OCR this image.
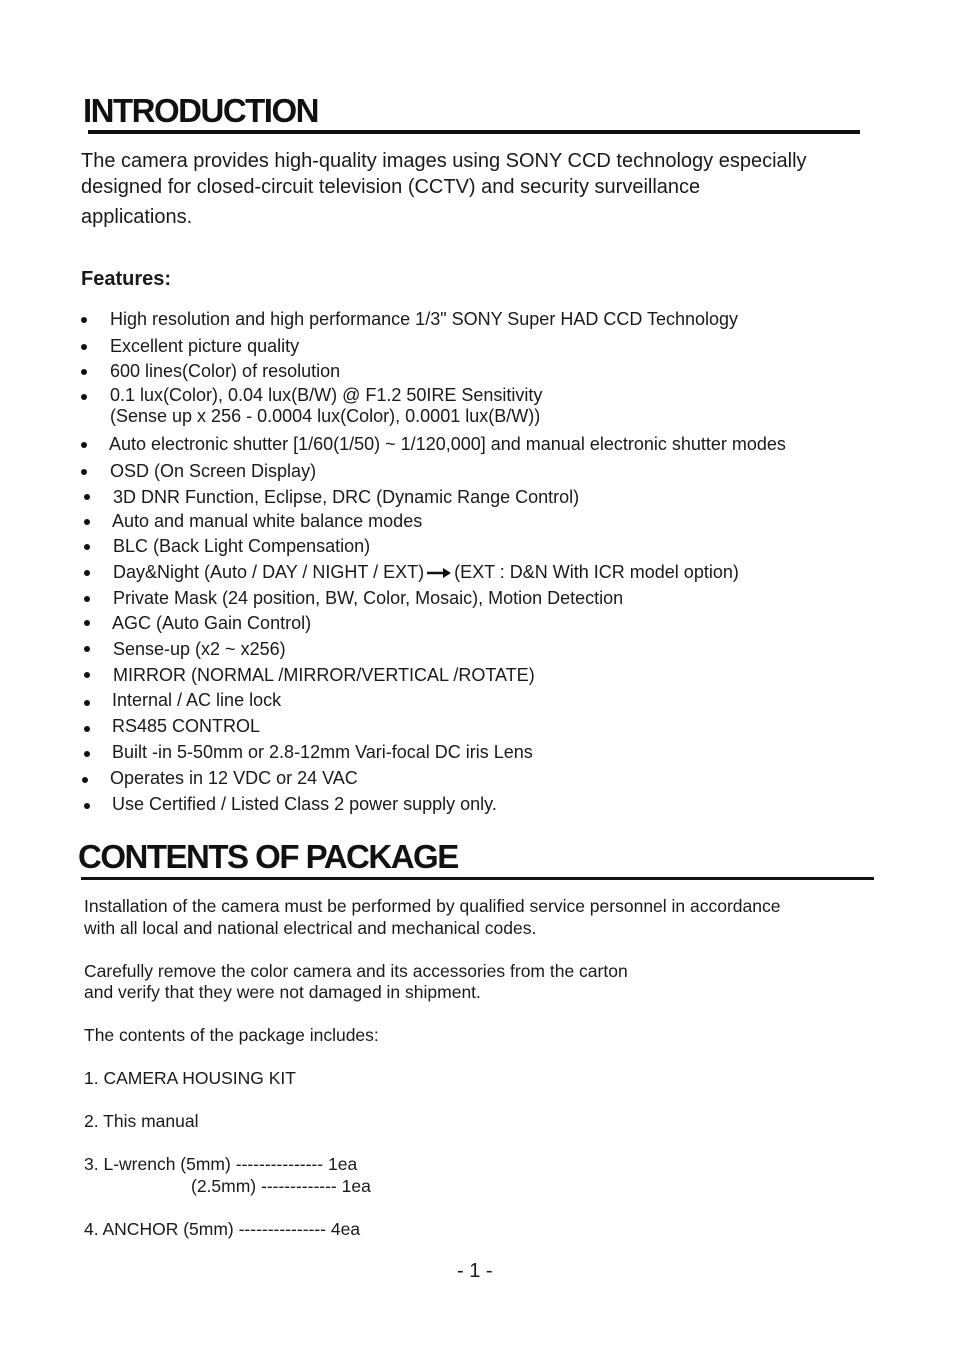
INTRODUCTION
The camera provides high-quality images using SONY CCD technology especially
designed for closed-circuit television (CCTV) and security surveillance
applications.
Features:
High resolution and high performance 1/3" SONY Super HAD CCD Technology
Excellent picture quality
600 lines(Color) of resolution
0.1 lux(Color), 0.04 lux(B/W) @ F1.2 50IRE Sensitivity
(Sense up x 256 - 0.0004 lux(Color), 0.0001 lux(B/W))
Auto electronic shutter [1/60(1/50) ~ 1/120,000] and manual electronic shutter modes
OSD (On Screen Display)
3D DNR Function, Eclipse, DRC (Dynamic Range Control)
Auto and manual white balance modes
BLC (Back Light Compensation)
Day&Night (Auto / DAY / NIGHT / EXT) (EXT : D&N With ICR model option)
Private Mask (24 position, BW, Color, Mosaic), Motion Detection
AGC (Auto Gain Control)
Sense-up (x2 ~ x256)
MIRROR (NORMAL /MIRROR/VERTICAL /ROTATE)
Internal / AC line lock
RS485 CONTROL
Built -in 5-50mm or 2.8-12mm Vari-focal DC iris Lens
Operates in 12 VDC or 24 VAC
Use Certified / Listed Class 2 power supply only.
CONTENTS OF PACKAGE
Installation of the camera must be performed by qualified service personnel in accordance
with all local and national electrical and mechanical codes.
Carefully remove the color camera and its accessories from the carton
and verify that they were not damaged in shipment.
The contents of the package includes:
1. CAMERA HOUSING KIT
2. This manual
3. L-wrench (5mm) --------------- 1ea
(2.5mm) ------------- 1ea
4. ANCHOR (5mm) --------------- 4ea
- 1 -
